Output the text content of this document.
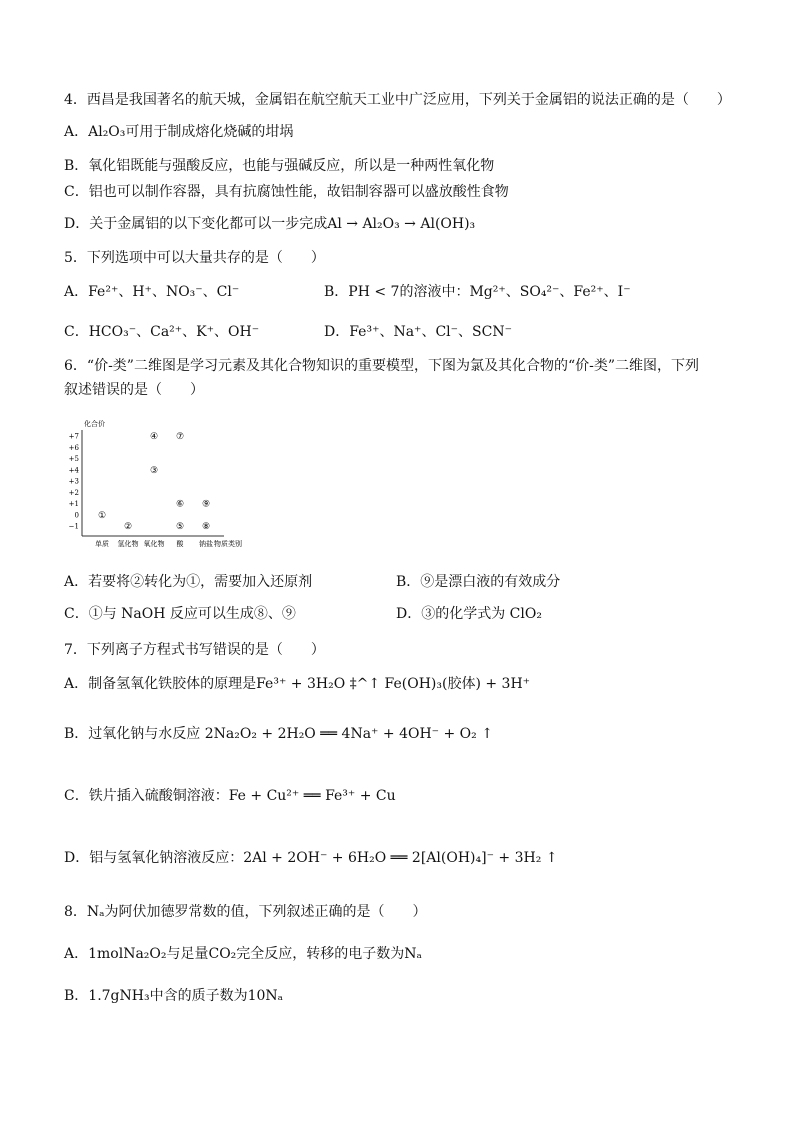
4．西昌是我国著名的航天城，金属铝在航空航天工业中广泛应用，下列关于金属铝的说法正确的是（　　）
A．Al₂O₃可用于制成熔化烧碱的坩埚
B．氧化铝既能与强酸反应，也能与强碱反应，所以是一种两性氧化物
C．铝也可以制作容器，具有抗腐蚀性能，故铝制容器可以盛放酸性食物
D．关于金属铝的以下变化都可以一步完成Al → Al₂O₃ → Al(OH)₃
5．下列选项中可以大量共存的是（　　）
A．Fe²⁺、H⁺、NO₃⁻、Cl⁻	B．PH < 7的溶液中：Mg²⁺、SO₄²⁻、Fe²⁺、I⁻
C．HCO₃⁻、Ca²⁺、K⁺、OH⁻	D．Fe³⁺、Na⁺、Cl⁻、SCN⁻
6．“价-类”二维图是学习元素及其化合物知识的重要模型，下图为氯及其化合物的“价-类”二维图，下列
叙述错误的是（　　）
化合价
+7
+6
+5
+4
+3
+2
+1
0
−1
单质 氢化物 氧化物 酸 钠盐 物质类别
①
②
③
④
⑤
⑥
⑦
⑧
⑨
A．若要将②转化为①，需要加入还原剂	B．⑨是漂白液的有效成分
C．①与 NaOH 反应可以生成⑧、⑨	D．③的化学式为 ClO₂
7．下列离子方程式书写错误的是（　　）
A．制备氢氧化铁胶体的原理是Fe³⁺ + 3H₂O ‡^↑ Fe(OH)₃(胶体) + 3H⁺
B．过氧化钠与水反应 2Na₂O₂ + 2H₂O ══ 4Na⁺ + 4OH⁻ + O₂ ↑
C．铁片插入硫酸铜溶液：Fe + Cu²⁺ ══ Fe³⁺ + Cu
D．铝与氢氧化钠溶液反应：2Al + 2OH⁻ + 6H₂O ══ 2[Al(OH)₄]⁻ + 3H₂ ↑
8．Nₐ为阿伏加德罗常数的值，下列叙述正确的是（　　）
A．1molNa₂O₂与足量CO₂完全反应，转移的电子数为Nₐ
B．1.7gNH₃中含的质子数为10Nₐ
